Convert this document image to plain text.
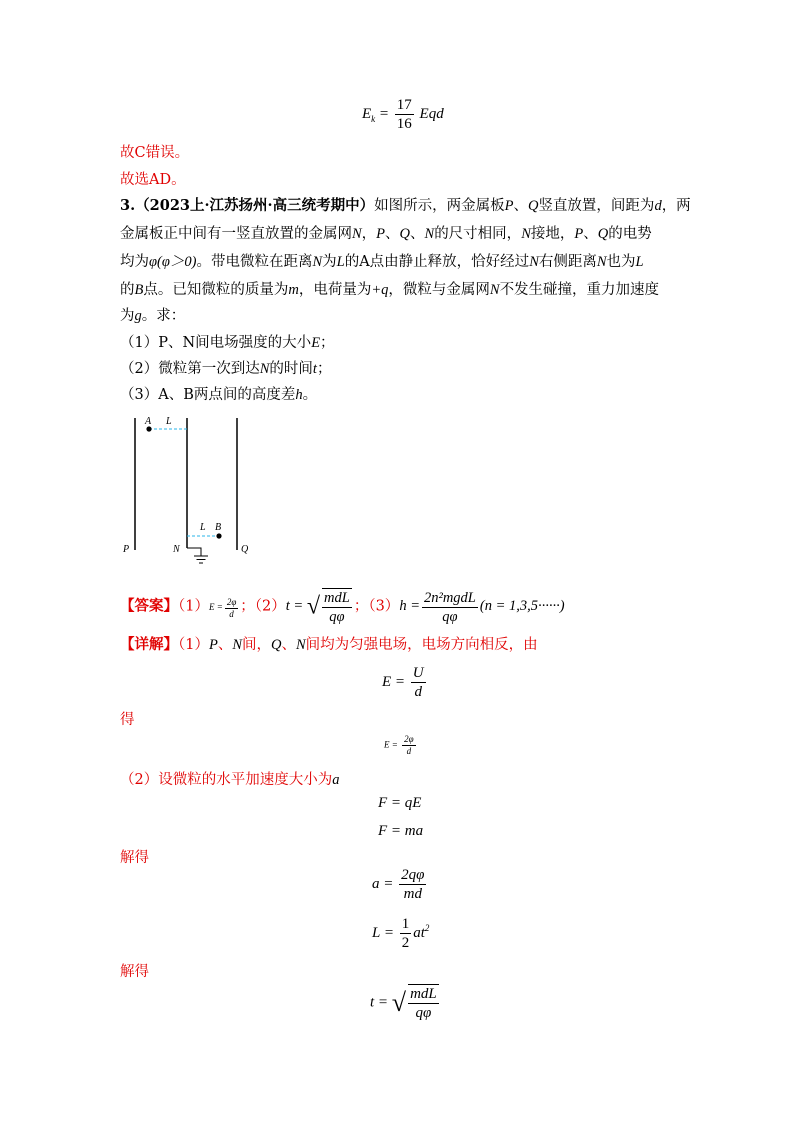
$E_k = \frac{17}{16}$ Eqd
故C错误。
故选AD。
3.（2023上·江苏扬州·高三统考期中）如图所示，两金属板P、Q竖直放置，间距为d，两
金属板正中间有一竖直放置的金属网N，P、Q、N的尺寸相同，N接地，P、Q的电势
均为φ(φ＞0)。带电微粒在距离N为L的A点由静止释放，恰好经过N右侧距离N也为L
的B点。已知微粒的质量为m，电荷量为+q，微粒与金属网N不发生碰撞，重力加速度
为g。求：
（1）P、N间电场强度的大小E；
（2）微粒第一次到达N的时间t；
（3）A、B两点间的高度差h。
A L
L B
P	N	Q
【答案】$(1)E = \frac{2\varphi}{d}$ ；（2）t = √ $\frac{\text{mdL}}{q\varphi}$ ；$(3)h = \frac{\text{2n²mgdL}}{q\varphi} (n = 1,3,5\cdot\cdot\cdot\cdot\cdot\cdot)$
【详解】（1）P、N间，Q、N间均为匀强电场，电场方向相反，由
$E = \frac{U}{d}$
得
$E = \frac{2\varphi}{d}$
（2）设微粒的水平加速度大小为a
F = qE
F = ma
解得
$a = \frac{2q\varphi}{md}$
$L = \frac{1}{2} at^2$
解得
t = √ $\frac{\text{mdL}}{q\varphi}$
